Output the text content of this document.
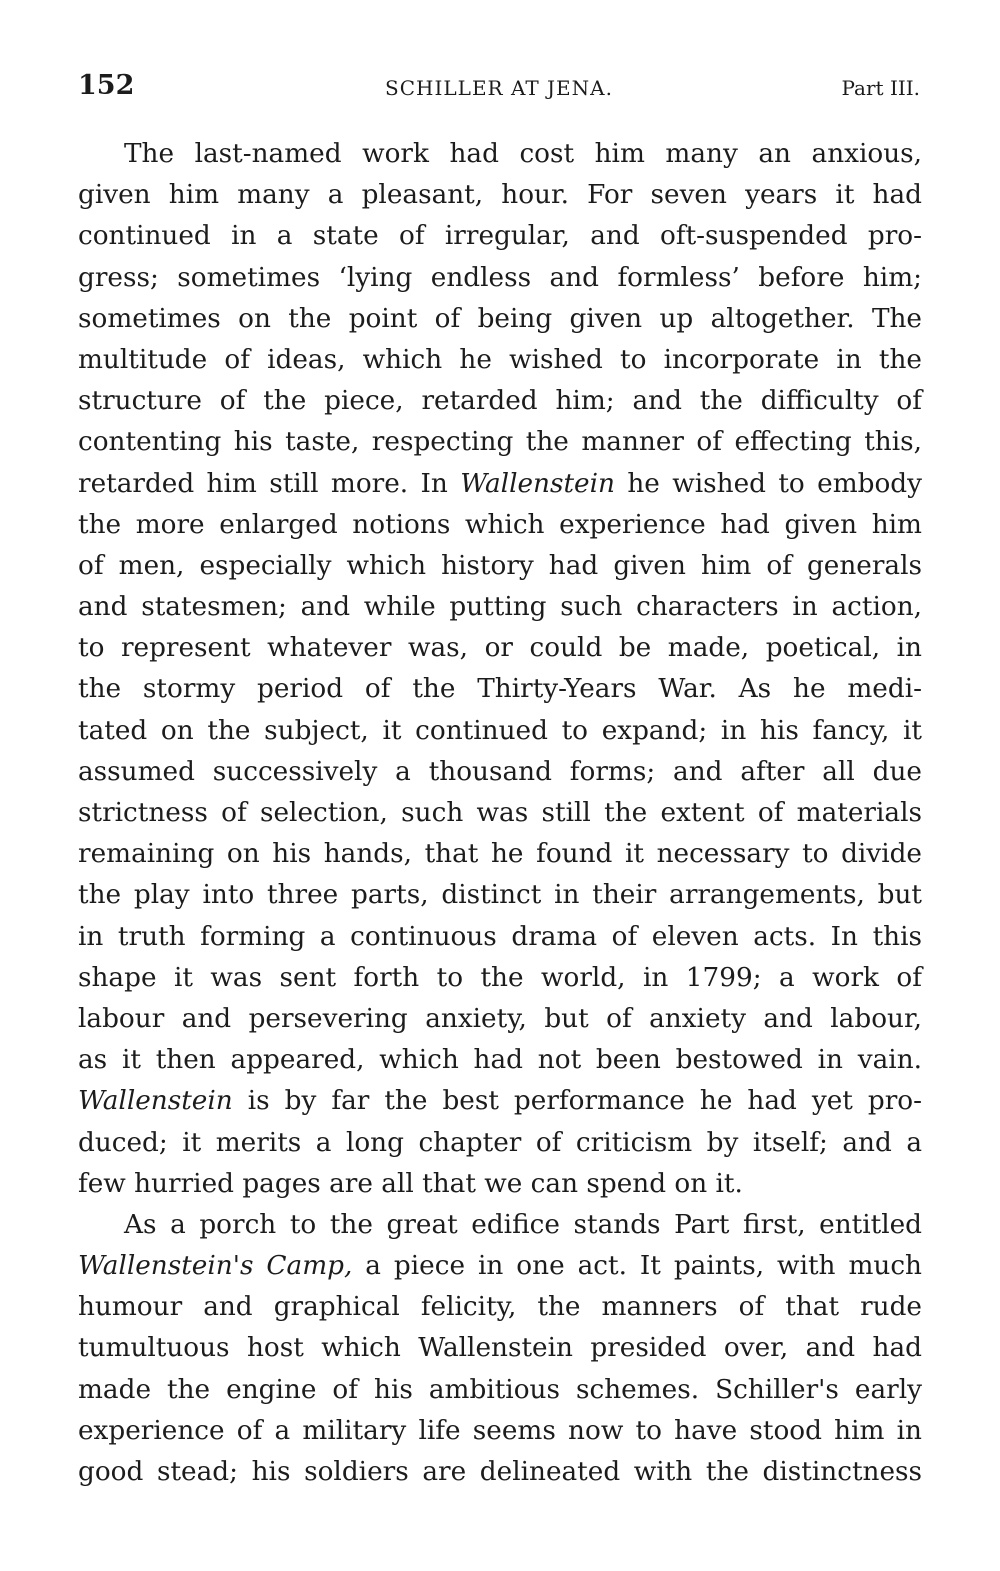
152	SCHILLER AT JENA.	Part III.
The last-named work had cost him many an anxious,
given him many a pleasant, hour. For seven years it had
continued in a state of irregular, and oft-suspended pro-
gress; sometimes ‘lying endless and formless’ before him;
sometimes on the point of being given up altogether. The
multitude of ideas, which he wished to incorporate in the
structure of the piece, retarded him; and the difficulty of
contenting his taste, respecting the manner of effecting this,
retarded him still more. In Wallenstein he wished to embody
the more enlarged notions which experience had given him
of men, especially which history had given him of generals
and statesmen; and while putting such characters in action,
to represent whatever was, or could be made, poetical, in
the stormy period of the Thirty-Years War. As he medi-
tated on the subject, it continued to expand; in his fancy, it
assumed successively a thousand forms; and after all due
strictness of selection, such was still the extent of materials
remaining on his hands, that he found it necessary to divide
the play into three parts, distinct in their arrangements, but
in truth forming a continuous drama of eleven acts. In this
shape it was sent forth to the world, in 1799; a work of
labour and persevering anxiety, but of anxiety and labour,
as it then appeared, which had not been bestowed in vain.
Wallenstein is by far the best performance he had yet pro-
duced; it merits a long chapter of criticism by itself; and a
few hurried pages are all that we can spend on it.
As a porch to the great edifice stands Part first, entitled
Wallenstein's Camp, a piece in one act. It paints, with much
humour and graphical felicity, the manners of that rude
tumultuous host which Wallenstein presided over, and had
made the engine of his ambitious schemes. Schiller's early
experience of a military life seems now to have stood him in
good stead; his soldiers are delineated with the distinctness
